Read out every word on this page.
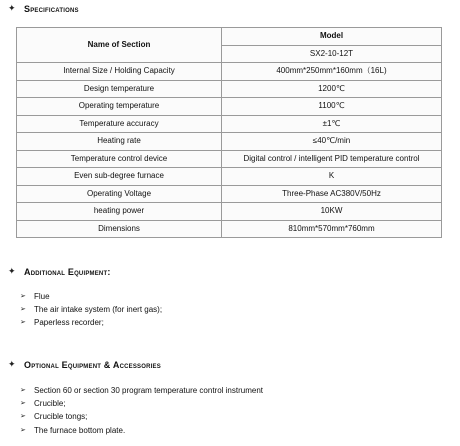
✦ Specifications
Name of Section	Model
	SX2-10-12T
Internal Size / Holding Capacity	400mm*250mm*160mm（16L)
Design temperature	1200℃
Operating temperature	1100℃
Temperature accuracy	±1℃
Heating rate	≤40℃/min
Temperature control device	Digital control / intelligent PID temperature control
Even sub-degree furnace	K
Operating Voltage	Three-Phase AC380V/50Hz
heating power	10KW
Dimensions	810mm*570mm*760mm
✦ Additional Equipment:
➢	Flue
➢	The air intake system (for inert gas);
➢	Paperless recorder;
✦ Optional Equipment & Accessories
➢	Section 60 or section 30 program temperature control instrument
➢	Crucible;
➢	Crucible tongs;
➢	The furnace bottom plate.
